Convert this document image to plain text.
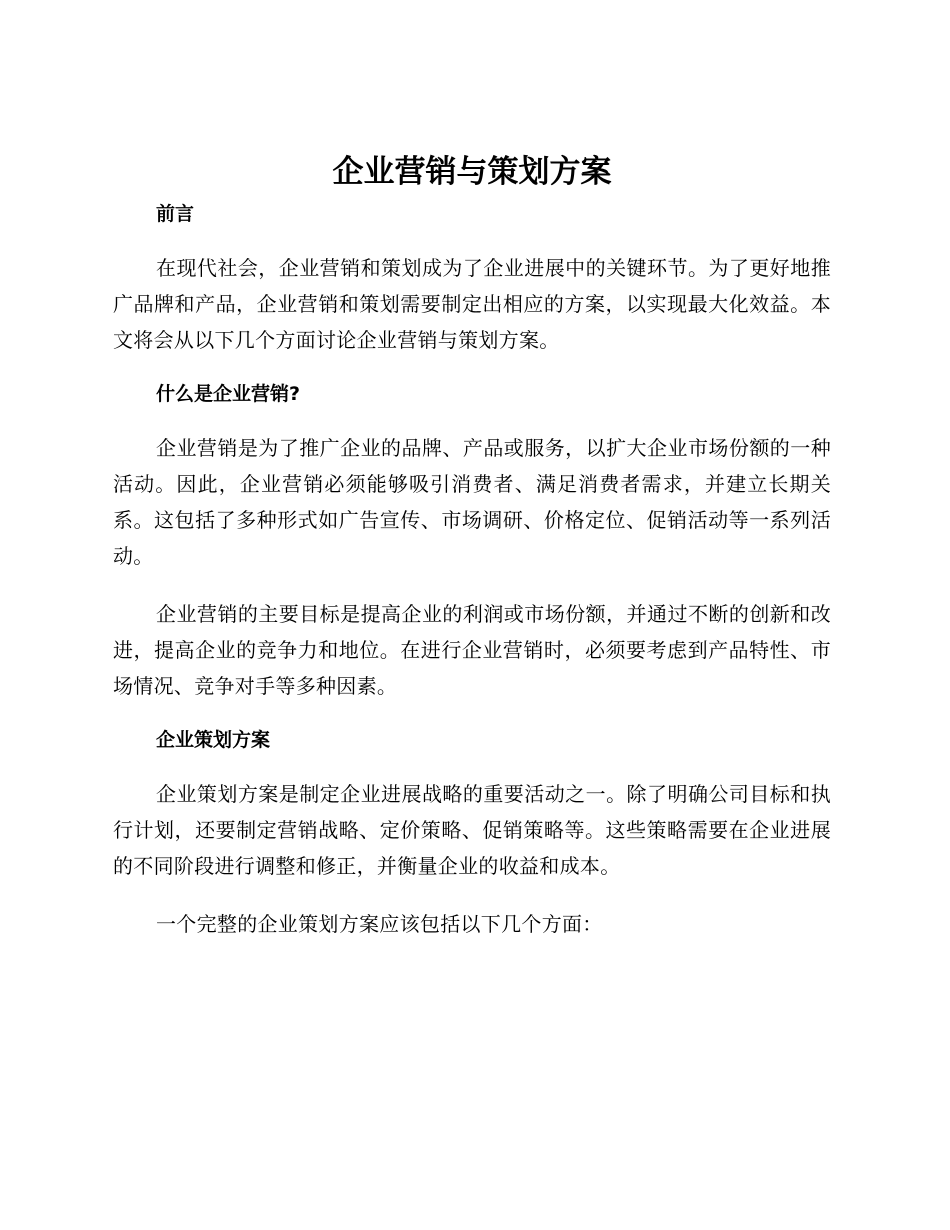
企业营销与策划方案
前言

在现代社会，企业营销和策划成为了企业进展中的关键环节。为了更好地推广品牌和产品，企业营销和策划需要制定出相应的方案，以实现最大化效益。本文将会从以下几个方面讨论企业营销与策划方案。

什么是企业营销?

企业营销是为了推广企业的品牌、产品或服务，以扩大企业市场份额的一种活动。因此，企业营销必须能够吸引消费者、满足消费者需求，并建立长期关系。这包括了多种形式如广告宣传、市场调研、价格定位、促销活动等一系列活动。

企业营销的主要目标是提高企业的利润或市场份额，并通过不断的创新和改进，提高企业的竞争力和地位。在进行企业营销时，必须要考虑到产品特性、市场情况、竞争对手等多种因素。

企业策划方案

企业策划方案是制定企业进展战略的重要活动之一。除了明确公司目标和执行计划，还要制定营销战略、定价策略、促销策略等。这些策略需要在企业进展的不同阶段进行调整和修正，并衡量企业的收益和成本。

一个完整的企业策划方案应该包括以下几个方面：
